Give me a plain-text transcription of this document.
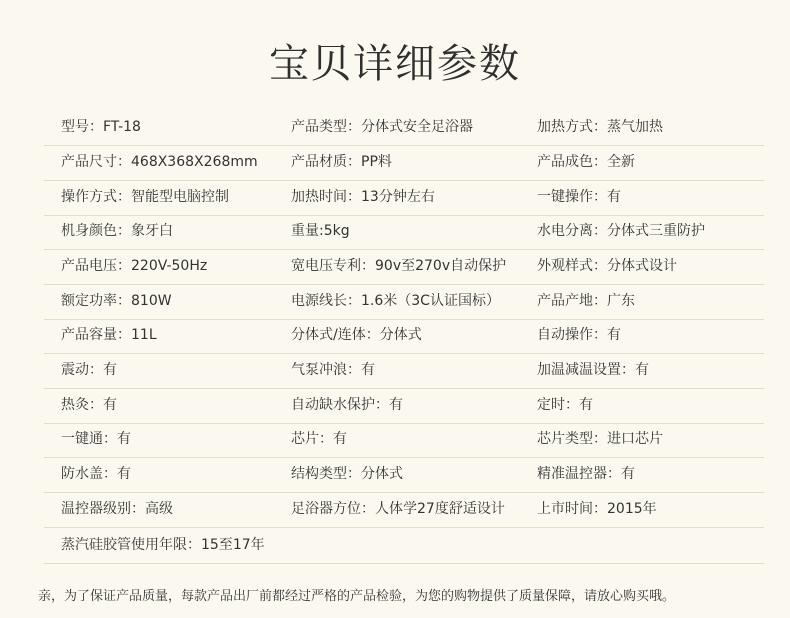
宝贝详细参数
型号：FT-18	产品类型：分体式安全足浴器	加热方式：蒸气加热
产品尺寸：468X368X268mm 产品材质：PP料	产品成色：全新
操作方式：智能型电脑控制	加热时间：13分钟左右	一键操作：有
机身颜色：象牙白	重量:5kg	水电分离：分体式三重防护
产品电压：220V-50Hz	宽电压专利：90v至270v自动保护 外观样式：分体式设计
额定功率：810W	电源线长：1.6米（3C认证国标）	产品产地：广东
产品容量：11L	分体式/连体：分体式	自动操作：有
震动：有	气泵冲浪：有	加温减温设置：有
热灸：有	自动缺水保护：有	定时：有
一键通：有	芯片：有	芯片类型：进口芯片
防水盖：有	结构类型：分体式	精准温控器：有
温控器级别：高级	足浴器方位：人体学27度舒适设计 上市时间：2015年
蒸汽硅胶管使用年限：15至17年
亲，为了保证产品质量，每款产品出厂前都经过严格的产品检验，为您的购物提供了质量保障，请放心购买哦。
